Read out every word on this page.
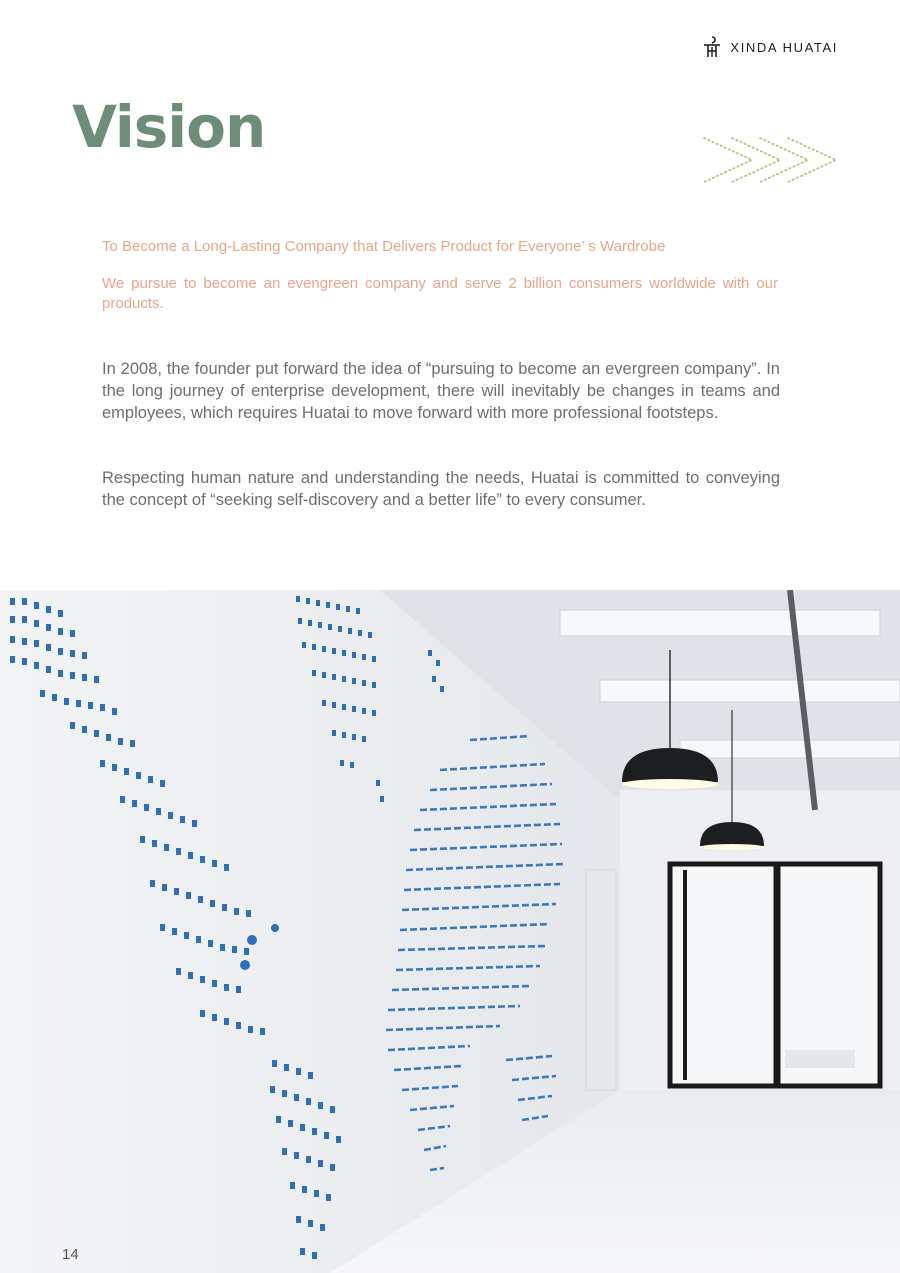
XINDA HUATAI
Vision

To Become a Long-Lasting Company that Delivers Product for Everyone’ s Wardrobe

We pursue to become an evengreen company and serve 2 billion consumers worldwide with our products.

In 2008, the founder put forward the idea of “pursuing to become an evergreen company”. In the long journey of enterprise development, there will inevitably be changes in teams and employees, which requires Huatai to move forward with more professional footsteps.

Respecting human nature and understanding the needs, Huatai is committed to conveying the concept of “seeking self-discovery and a better life” to every consumer.

14
